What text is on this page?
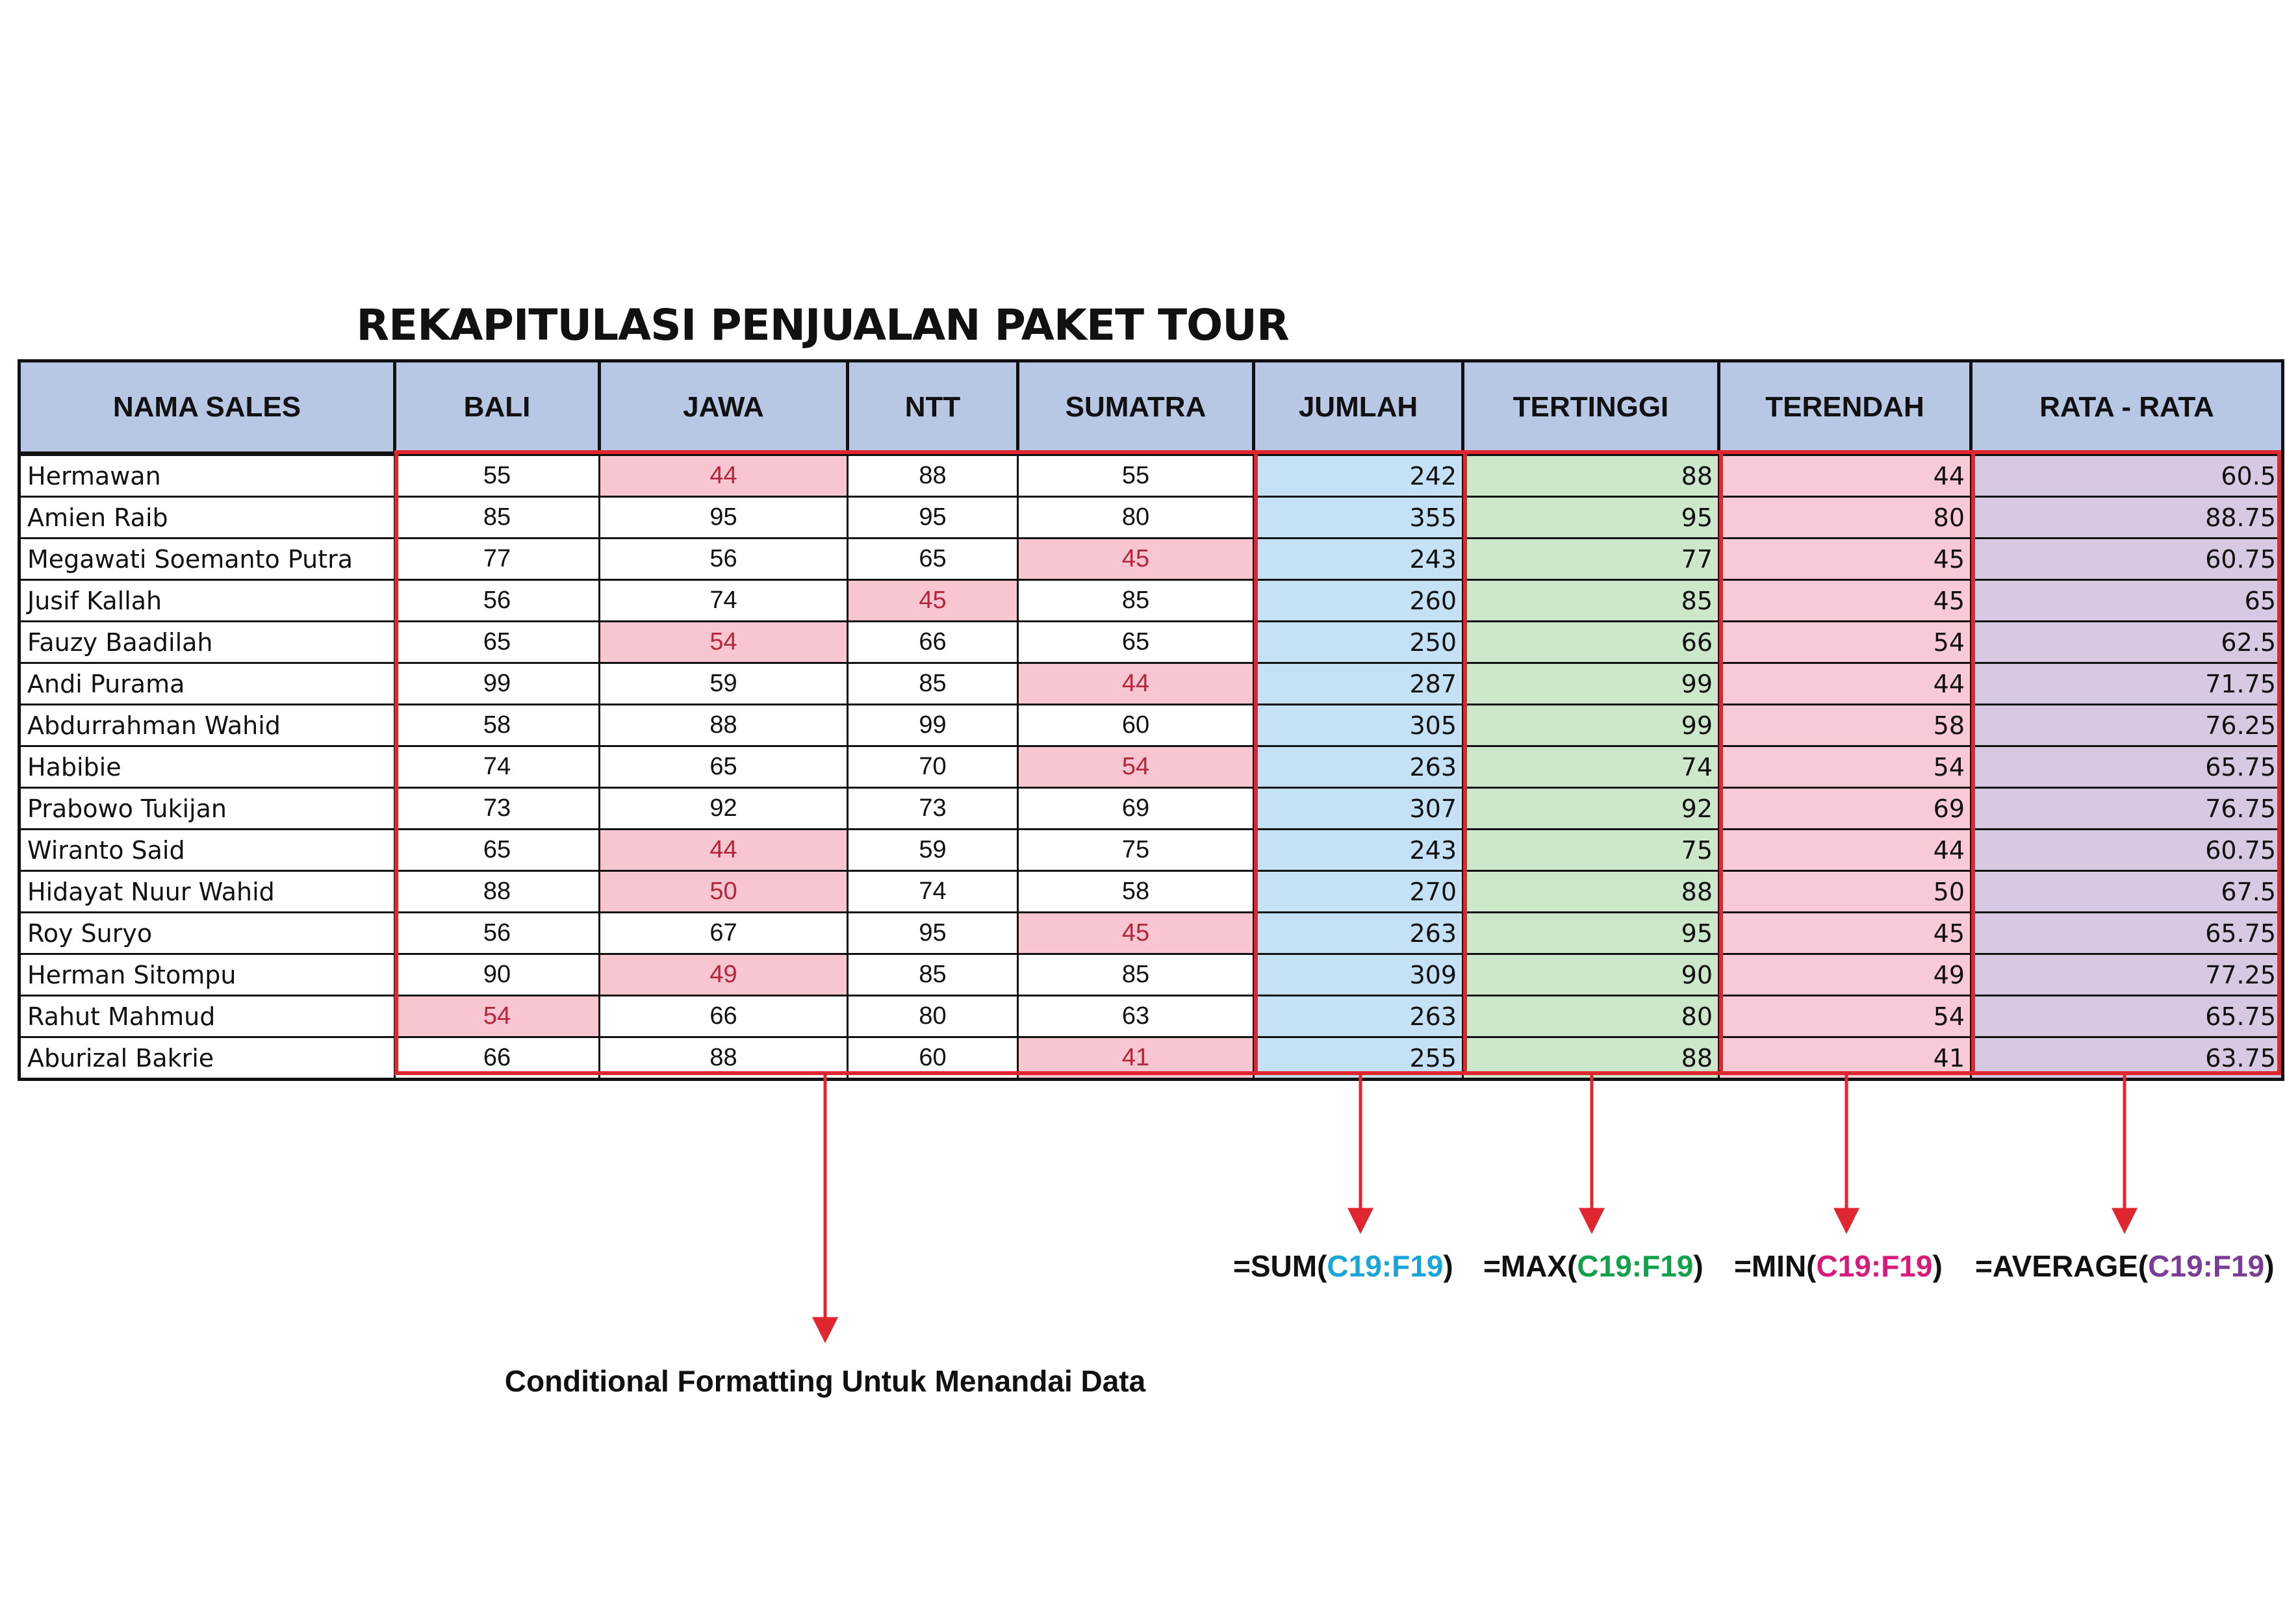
REKAPITULASI PENJUALAN PAKET TOUR
NAMA SALES	BALI	JAWA	NTT	SUMATRA	JUMLAH	TERTINGGI	TERENDAH	RATA - RATA
Hermawan	55	44	88	55	242	88	44	60.5
Amien Raib	85	95	95	80	355	95	80	88.75
Megawati Soemanto Putra	77	56	65	45	243	77	45	60.75
Jusif Kallah	56	74	45	85	260	85	45	65
Fauzy Baadilah	65	54	66	65	250	66	54	62.5
Andi Purama	99	59	85	44	287	99	44	71.75
Abdurrahman Wahid	58	88	99	60	305	99	58	76.25
Habibie	74	65	70	54	263	74	54	65.75
Prabowo Tukijan	73	92	73	69	307	92	69	76.75
Wiranto Said	65	44	59	75	243	75	44	60.75
Hidayat Nuur Wahid	88	50	74	58	270	88	50	67.5
Roy Suryo	56	67	95	45	263	95	45	65.75
Herman Sitompu	90	49	85	85	309	90	49	77.25
Rahut Mahmud	54	66	80	63	263	80	54	65.75
Aburizal Bakrie	66	88	60	41	255	88	41	63.75
=SUM(C19:F19) =MAX(C19:F19) =MIN(C19:F19) =AVERAGE(C19:F19)
Conditional Formatting Untuk Menandai Data
